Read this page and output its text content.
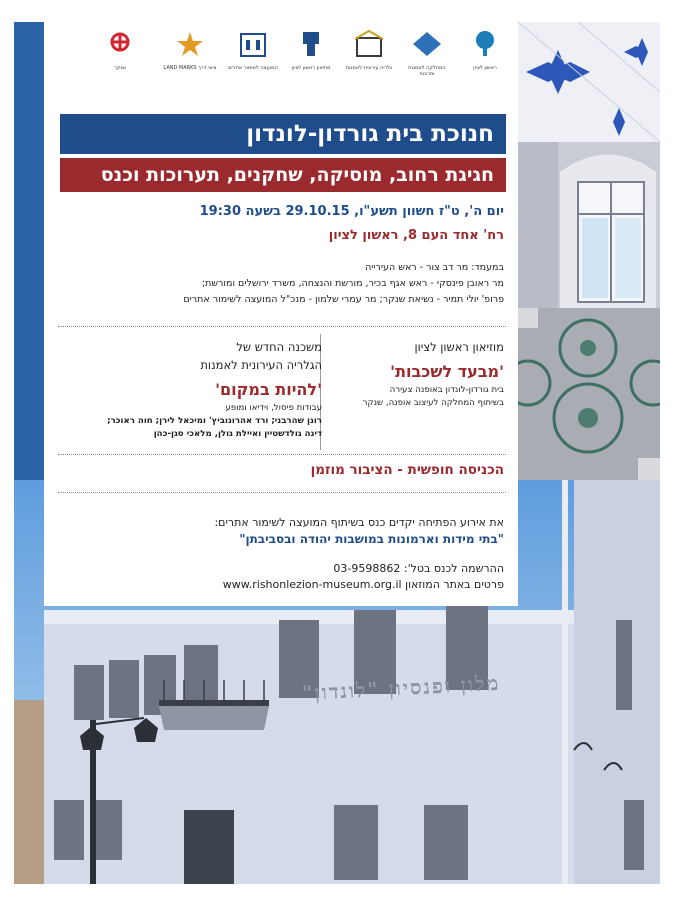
מלון ופנסיון "לונדון"
ראשון לציון
המחלקה לאמנות ותרבות
גלריה עירונית לאמנות
מוזיאון ראשון לציון
המועצה לשימור אתרים
ציוני דרך LAND MARKS
שנקר
חנוכת בית גורדון-לונדון
חגיגת רחוב, מוסיקה, שחקנים, תערוכות וכנס
יום ה', ט"ז חשוון תשע"ו, 29.10.15 בשעה 19:30
רח' אחד העם 8, ראשון לציון
במעמד: מר דב צור - ראש העירייה
מר ראובן פינסקי - ראש אגף בכיר, מורשת והנצחה, משרד ירושלים ומורשת;
פרופ' יולי תמיר - נשיאת שנקר; מר עמרי שלמון - מנכ"ל המועצה לשימור אתרים
מוזיאון ראשון לציון
'מבעד לשכבות'
בית גורדון-לונדון באופנה צעירה
בשיתוף המחלקה לעיצוב אופנה, שנקר
משכנה החדש של
הגלריה העירונית לאמנות
'להיות במקום'
עבודות פיסול, וידיאו ומופע
רונן שהרבני; ורד אהרונוביץ' ומיכאל לירן; חוה ראוכר;
דינה גולדשטיין ואיילת גולן, מלאכי סגן-כהן
הכניסה חופשית - הציבור מוזמן
את אירוע הפתיחה יקדים כנס בשיתוף המועצה לשימור אתרים:
"בתי מידות וארמונות במושבות יהודה ובסביבתן"
ההרשמה לכנס בטל': 03-9598862
פרטים באתר המוזאון www.rishonlezion-museum.org.il
